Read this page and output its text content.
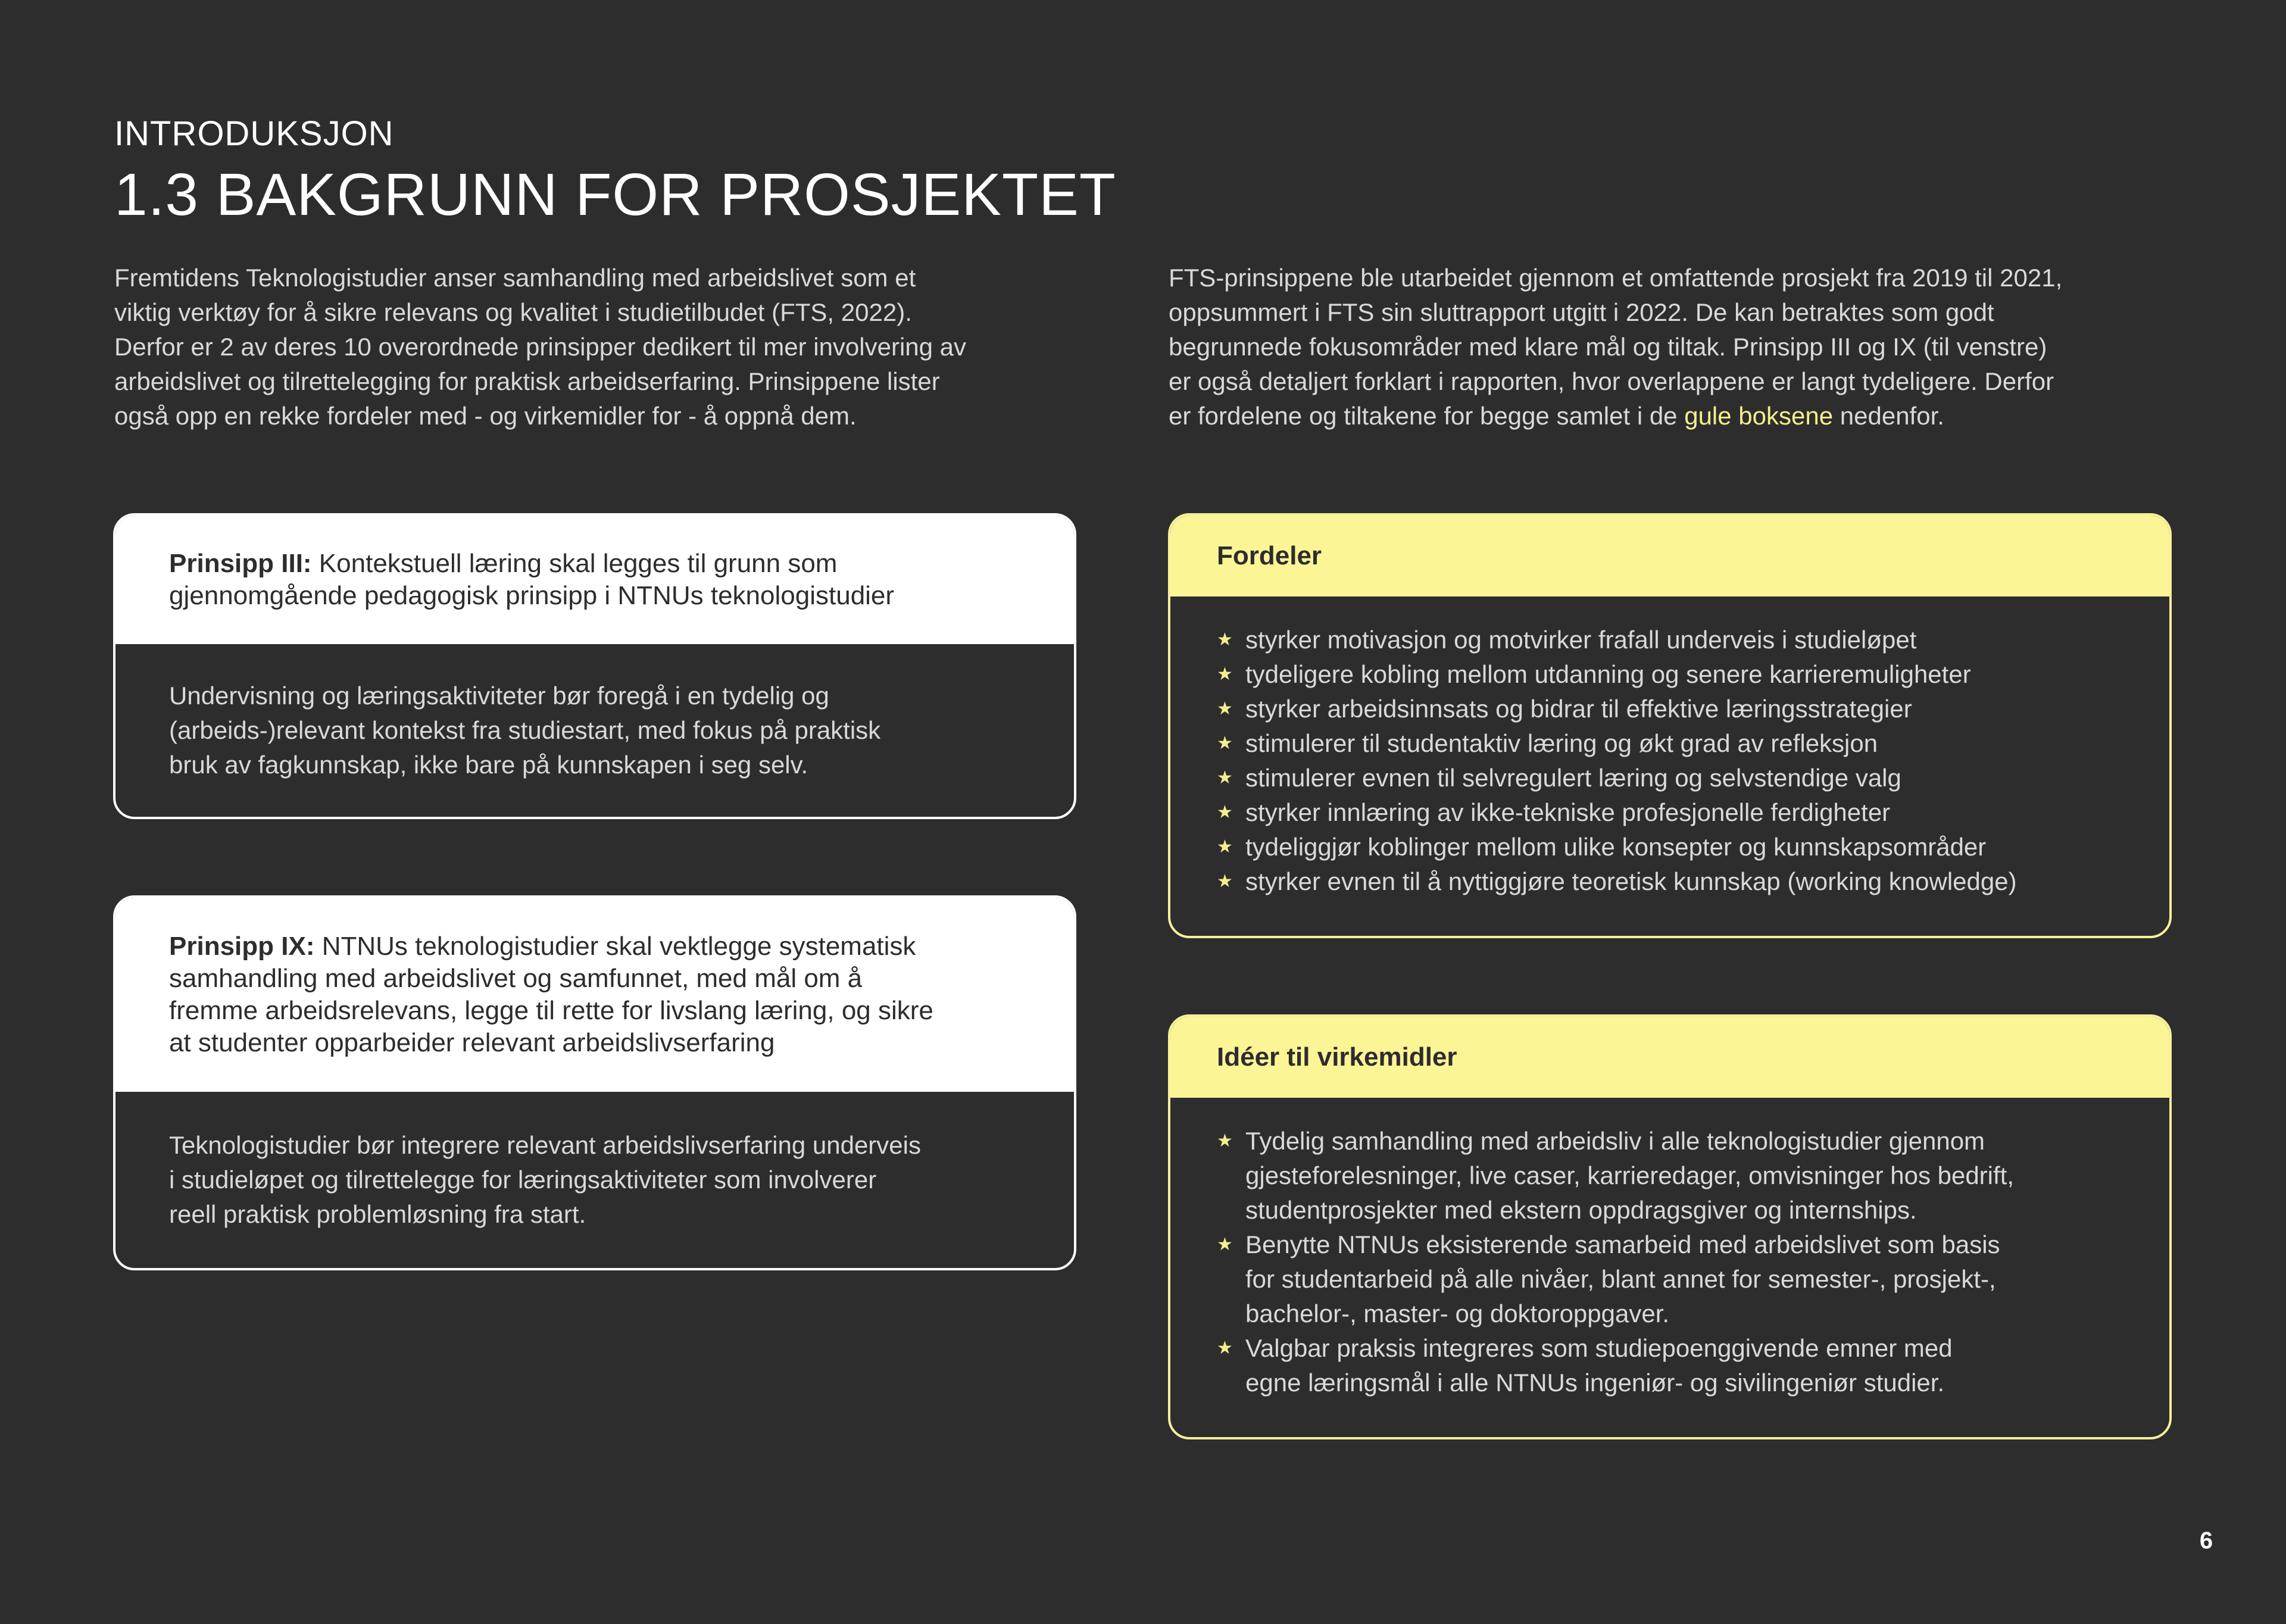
INTRODUKSJON
1.3 BAKGRUNN FOR PROSJEKTET
Fremtidens Teknologistudier anser samhandling med arbeidslivet som et
viktig verktøy for å sikre relevans og kvalitet i studietilbudet (FTS, 2022).
Derfor er 2 av deres 10 overordnede prinsipper dedikert til mer involvering av
arbeidslivet og tilrettelegging for praktisk arbeidserfaring. Prinsippene lister
også opp en rekke fordeler med - og virkemidler for - å oppnå dem.
FTS-prinsippene ble utarbeidet gjennom et omfattende prosjekt fra 2019 til 2021,
oppsummert i FTS sin sluttrapport utgitt i 2022. De kan betraktes som godt
begrunnede fokusområder med klare mål og tiltak. Prinsipp III og IX (til venstre)
er også detaljert forklart i rapporten, hvor overlappene er langt tydeligere. Derfor
er fordelene og tiltakene for begge samlet i de gule boksene nedenfor.
Prinsipp III: Kontekstuell læring skal legges til grunn som
gjennomgående pedagogisk prinsipp i NTNUs teknologistudier
Undervisning og læringsaktiviteter bør foregå i en tydelig og
(arbeids-)relevant kontekst fra studiestart, med fokus på praktisk
bruk av fagkunnskap, ikke bare på kunnskapen i seg selv.
Prinsipp IX: NTNUs teknologistudier skal vektlegge systematisk
samhandling med arbeidslivet og samfunnet, med mål om å
fremme arbeidsrelevans, legge til rette for livslang læring, og sikre
at studenter opparbeider relevant arbeidslivserfaring
Teknologistudier bør integrere relevant arbeidslivserfaring underveis
i studieløpet og tilrettelegge for læringsaktiviteter som involverer
reell praktisk problemløsning fra start.
Fordeler
★ styrker motivasjon og motvirker frafall underveis i studieløpet
★ tydeligere kobling mellom utdanning og senere karrieremuligheter
★ styrker arbeidsinnsats og bidrar til effektive læringsstrategier
★ stimulerer til studentaktiv læring og økt grad av refleksjon
★ stimulerer evnen til selvregulert læring og selvstendige valg
★ styrker innlæring av ikke-tekniske profesjonelle ferdigheter
★ tydeliggjør koblinger mellom ulike konsepter og kunnskapsområder
★ styrker evnen til å nyttiggjøre teoretisk kunnskap (working knowledge)
Idéer til virkemidler
★ Tydelig samhandling med arbeidsliv i alle teknologistudier gjennom
gjesteforelesninger, live caser, karrieredager, omvisninger hos bedrift,
studentprosjekter med ekstern oppdragsgiver og internships.
★ Benytte NTNUs eksisterende samarbeid med arbeidslivet som basis
for studentarbeid på alle nivåer, blant annet for semester-, prosjekt-,
bachelor-, master- og doktoroppgaver.
★ Valgbar praksis integreres som studiepoenggivende emner med
egne læringsmål i alle NTNUs ingeniør- og sivilingeniør studier.
6
